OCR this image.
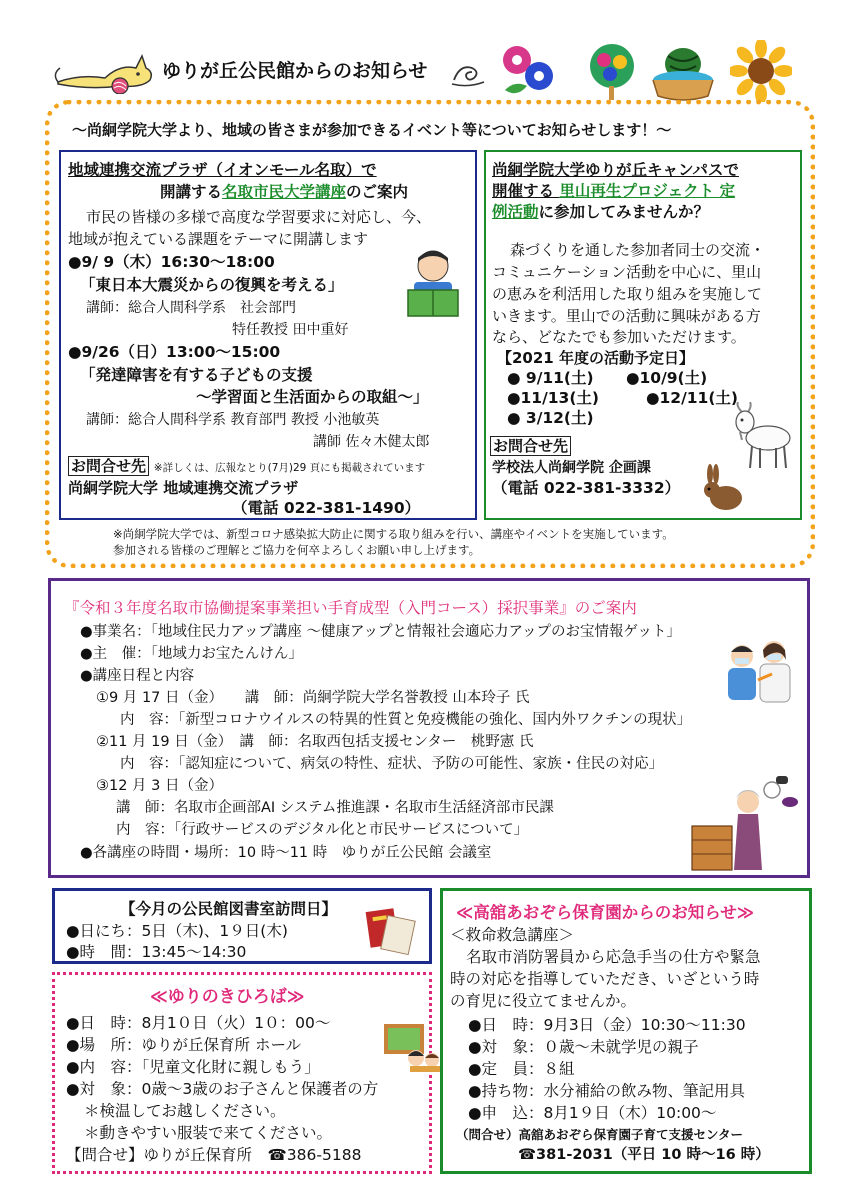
ゆりが丘公民館からのお知らせ
～尚絅学院大学より、地域の皆さまが参加できるイベント等についてお知らせします！～
地域連携交流プラザ（イオンモール名取）で
開講する名取市民大学講座のご案内
市民の皆様の多様で高度な学習要求に対応し、今、
地域が抱えている課題をテーマに開講します
●9/ 9（木）16:30～18:00
「東日本大震災からの復興を考える」
講師：総合人間科学系　社会部門
特任教授 田中重好
●9/26（日）13:00～15:00
「発達障害を有する子どもの支援
～学習面と生活面からの取組～」
講師：総合人間科学系 教育部門 教授 小池敏英
講師 佐々木健太郎
お問合せ先 ※詳しくは、広報なとり(7月)29 頁にも掲載されています
尚絅学院大学 地域連携交流プラザ
（電話 022-381-1490）
尚絅学院大学ゆりが丘キャンパスで
開催する 里山再生プロジェクト 定
例活動に参加してみませんか？
森づくりを通した参加者同士の交流・
コミュニケーション活動を中心に、里山
の恵みを利活用した取り組みを実施して
いきます。里山での活動に興味がある方
なら、どなたでも参加いただけます。
【2021 年度の活動予定日】
● 9/11(土) ●10/9(土)
●11/13(土)	●12/11(土)
● 3/12(土)
お問合せ先
学校法人尚絅学院 企画課
（電話 022-381-3332）
※尚絅学院大学では、新型コロナ感染拡大防止に関する取り組みを行い、講座やイベントを実施しています。
参加される皆様のご理解とご協力を何卒よろしくお願い申し上げます。
『令和３年度名取市協働提案事業担い手育成型（入門コース）採択事業』のご案内
●事業名：「地域住民力アップ講座 ～健康アップと情報社会適応力アップのお宝情報ゲット」
●主　催：「地域力お宝たんけん」
●講座日程と内容
①9 月 17 日（金）　　講　師：尚絅学院大学名誉教授 山本玲子 氏
内　容：「新型コロナウイルスの特異的性質と免疫機能の強化、国内外ワクチンの現状」
②11 月 19 日（金）　講　師：名取西包括支援センター　桃野憲 氏
内　容：「認知症について、病気の特性、症状、予防の可能性、家族・住民の対応」
③12 月 3 日（金）
講　師：名取市企画部AI システム推進課・名取市生活経済部市民課
内　容：「行政サービスのデジタル化と市民サービスについて」
●各講座の時間・場所：10 時～11 時　ゆりが丘公民館 会議室
【今月の公民館図書室訪問日】
●日にち：5日（木)、1９日(木)
●時　間：13:45～14:30
≪ゆりのきひろば≫
●日　時：8月1０日（火）1０：00～
●場　所：ゆりが丘保育所 ホール
●内　容：「児童文化財に親しもう」
●対　象：0歳～3歳のお子さんと保護者の方
＊検温してお越しください。
＊動きやすい服装で来てください。
【問合せ】ゆりが丘保育所　☎386-5188
≪高舘あおぞら保育園からのお知らせ≫
＜救命救急講座＞
名取市消防署員から応急手当の仕方や緊急
時の対応を指導していただき、いざという時
の育児に役立てませんか。
●日　時：9月3日（金）10:30～11:30
●対　象：０歳～未就学児の親子
●定　員：８組
●持ち物：水分補給の飲み物、筆記用具
●申　込：8月1９日（木）10:00～
（問合せ）高舘あおぞら保育園子育て支援センター
☎381-2031（平日 10 時～16 時）
